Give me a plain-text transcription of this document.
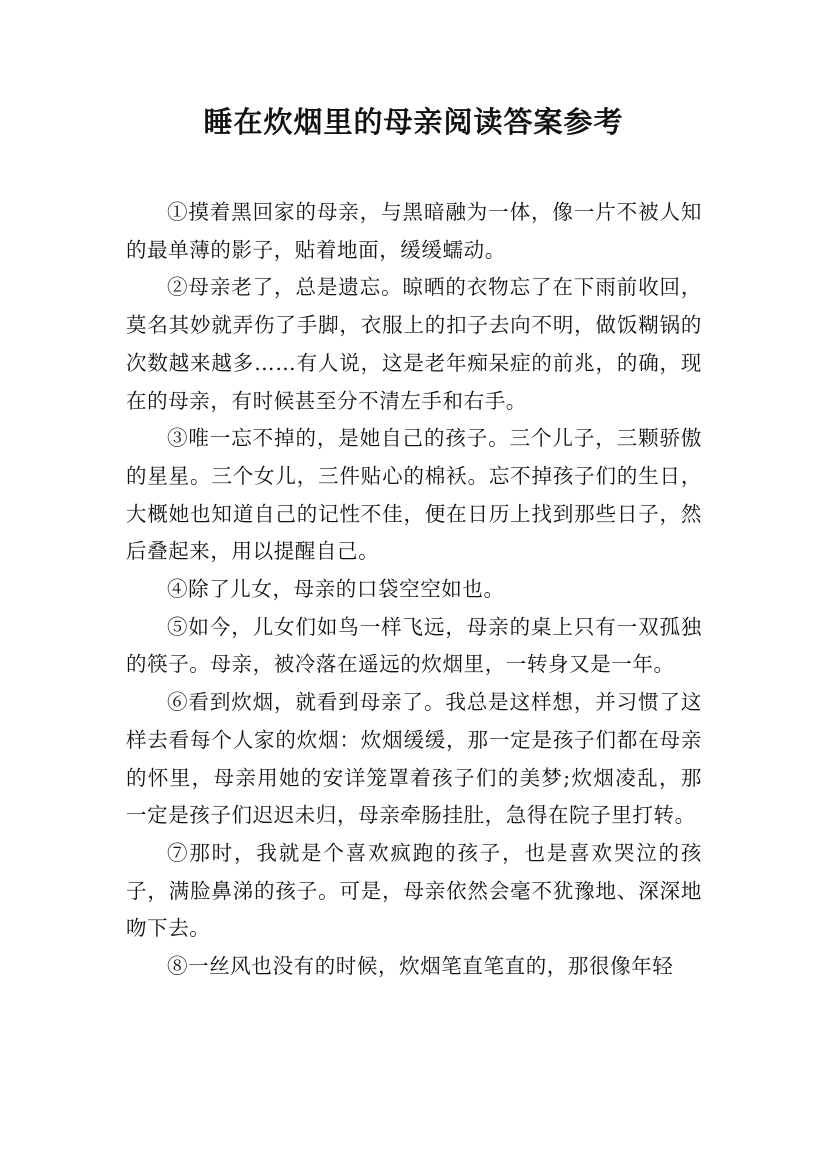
睡在炊烟里的母亲阅读答案参考

①摸着黑回家的母亲，与黑暗融为一体，像一片不被人知的最单薄的影子，贴着地面，缓缓蠕动。

②母亲老了，总是遗忘。晾晒的衣物忘了在下雨前收回，莫名其妙就弄伤了手脚，衣服上的扣子去向不明，做饭糊锅的次数越来越多……有人说，这是老年痴呆症的前兆，的确，现在的母亲，有时候甚至分不清左手和右手。

③唯一忘不掉的，是她自己的孩子。三个儿子，三颗骄傲的星星。三个女儿，三件贴心的棉袄。忘不掉孩子们的生日，大概她也知道自己的记性不佳，便在日历上找到那些日子，然后叠起来，用以提醒自己。

④除了儿女，母亲的口袋空空如也。

⑤如今，儿女们如鸟一样飞远，母亲的桌上只有一双孤独的筷子。母亲，被冷落在遥远的炊烟里，一转身又是一年。

⑥看到炊烟，就看到母亲了。我总是这样想，并习惯了这样去看每个人家的炊烟：炊烟缓缓，那一定是孩子们都在母亲的怀里，母亲用她的安详笼罩着孩子们的美梦;炊烟凌乱，那一定是孩子们迟迟未归，母亲牵肠挂肚，急得在院子里打转。

⑦那时，我就是个喜欢疯跑的孩子，也是喜欢哭泣的孩子，满脸鼻涕的孩子。可是，母亲依然会毫不犹豫地、深深地吻下去。

⑧一丝风也没有的时候，炊烟笔直笔直的，那很像年轻
